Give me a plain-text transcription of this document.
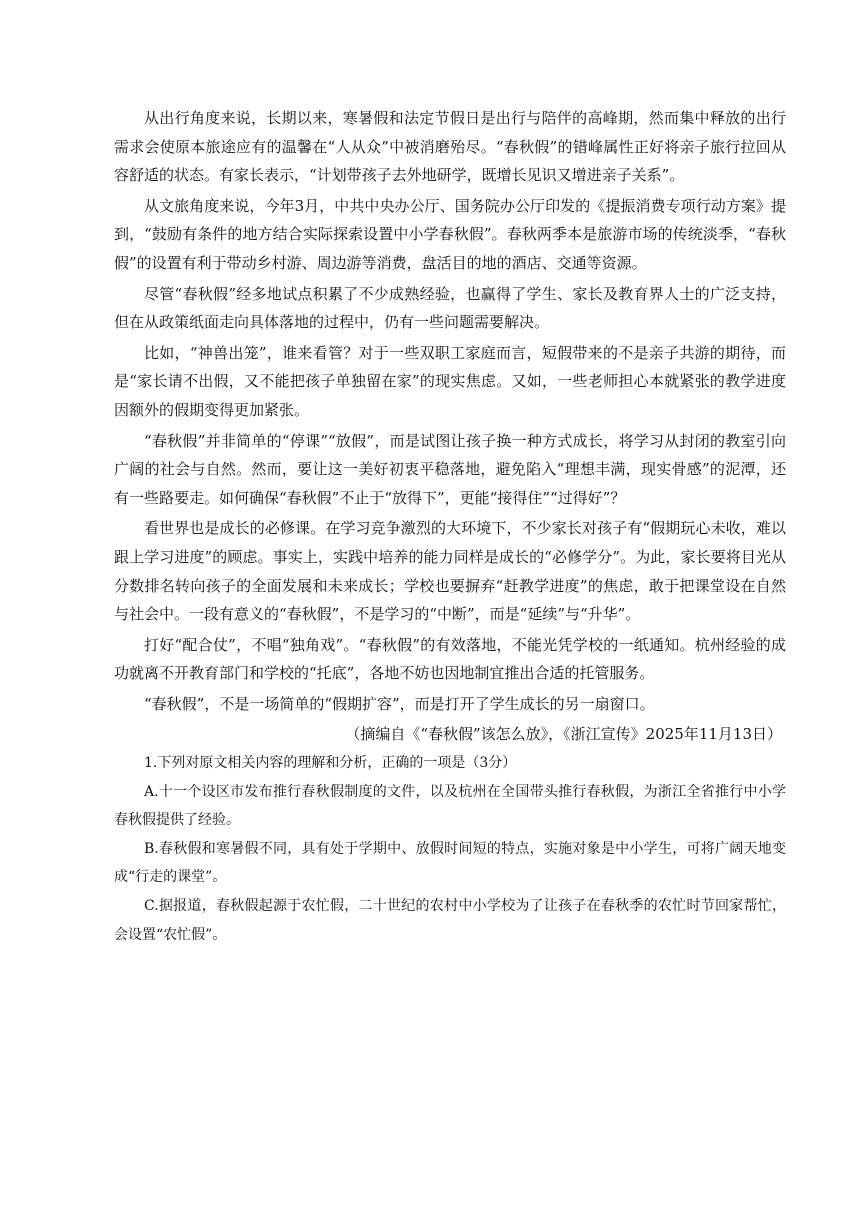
从出行角度来说，长期以来，寒暑假和法定节假日是出行与陪伴的高峰期，然而集中释放的出行需求会使原本旅途应有的温馨在“人从众”中被消磨殆尽。“春秋假”的错峰属性正好将亲子旅行拉回从容舒适的状态。有家长表示，“计划带孩子去外地研学，既增长见识又增进亲子关系”。

从文旅角度来说，今年3月，中共中央办公厅、国务院办公厅印发的《提振消费专项行动方案》提到，“鼓励有条件的地方结合实际探索设置中小学春秋假”。春秋两季本是旅游市场的传统淡季，“春秋假”的设置有利于带动乡村游、周边游等消费，盘活目的地的酒店、交通等资源。

尽管“春秋假”经多地试点积累了不少成熟经验，也赢得了学生、家长及教育界人士的广泛支持，但在从政策纸面走向具体落地的过程中，仍有一些问题需要解决。

比如，“神兽出笼”，谁来看管？对于一些双职工家庭而言，短假带来的不是亲子共游的期待，而是“家长请不出假，又不能把孩子单独留在家”的现实焦虑。又如，一些老师担心本就紧张的教学进度因额外的假期变得更加紧张。

“春秋假”并非简单的“停课”“放假”，而是试图让孩子换一种方式成长，将学习从封闭的教室引向广阔的社会与自然。然而，要让这一美好初衷平稳落地，避免陷入“理想丰满，现实骨感”的泥潭，还有一些路要走。如何确保“春秋假”不止于“放得下”，更能“接得住”“过得好”？

看世界也是成长的必修课。在学习竞争激烈的大环境下，不少家长对孩子有“假期玩心未收，难以跟上学习进度”的顾虑。事实上，实践中培养的能力同样是成长的“必修学分”。为此，家长要将目光从分数排名转向孩子的全面发展和未来成长；学校也要摒弃“赶教学进度”的焦虑，敢于把课堂设在自然与社会中。一段有意义的“春秋假”，不是学习的“中断”，而是“延续”与“升华”。

打好“配合仗”，不唱“独角戏”。“春秋假”的有效落地，不能光凭学校的一纸通知。杭州经验的成功就离不开教育部门和学校的“托底”，各地不妨也因地制宜推出合适的托管服务。

“春秋假”，不是一场简单的“假期扩容”，而是打开了学生成长的另一扇窗口。

（摘编自《“春秋假”该怎么放》，《浙江宣传》2025年11月13日）

1.下列对原文相关内容的理解和分析，正确的一项是（3分）

A.十一个设区市发布推行春秋假制度的文件，以及杭州在全国带头推行春秋假，为浙江全省推行中小学春秋假提供了经验。

B.春秋假和寒暑假不同，具有处于学期中、放假时间短的特点，实施对象是中小学生，可将广阔天地变成“行走的课堂”。

C.据报道，春秋假起源于农忙假，二十世纪的农村中小学校为了让孩子在春秋季的农忙时节回家帮忙，会设置“农忙假”。
